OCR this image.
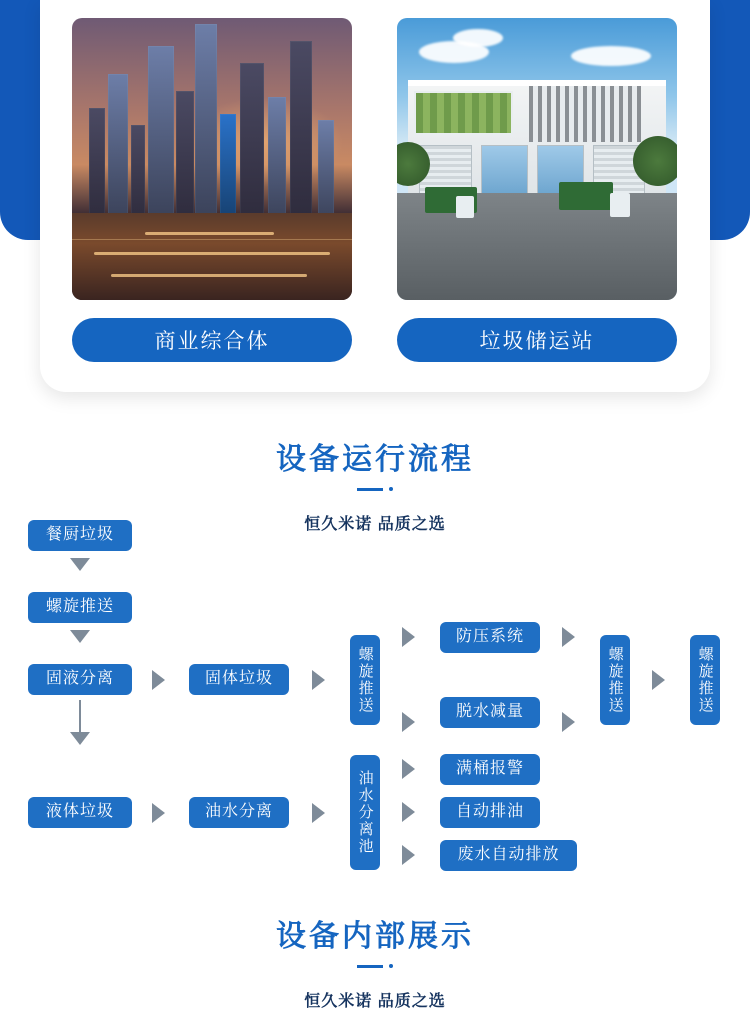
商业综合体	垃圾储运站
设备运行流程
恒久米诺 品质之选
餐厨垃圾
螺旋推送
固液分离
液体垃圾
固体垃圾	螺旋推送
防压系统
脱水减量	螺旋推送	螺旋推送
油水分离	油水分离池
满桶报警
自动排油
废水自动排放
设备内部展示
恒久米诺 品质之选
